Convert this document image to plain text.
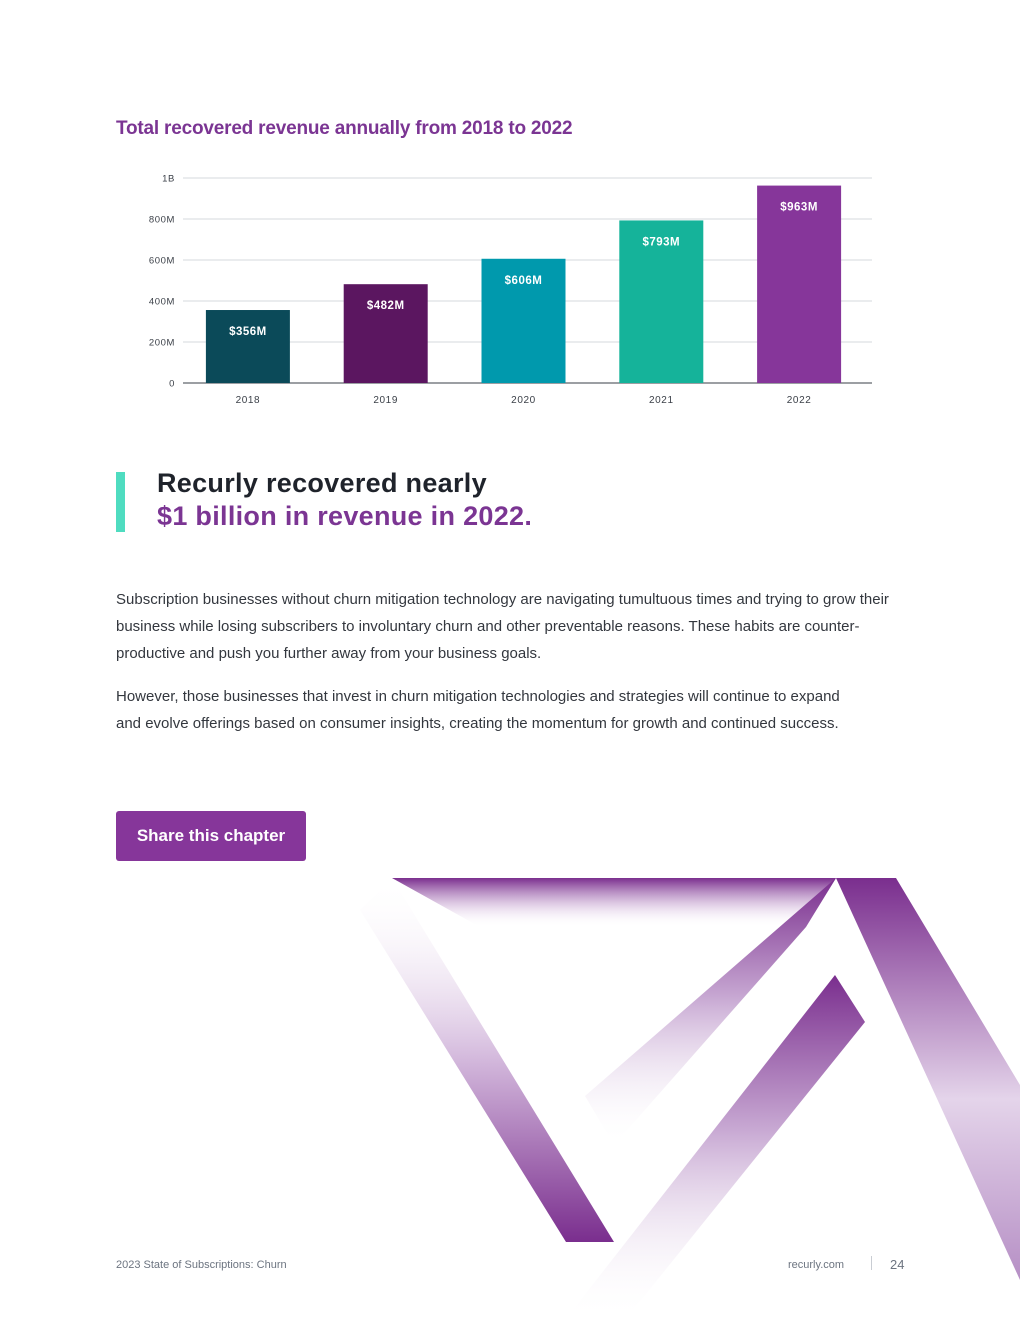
Total recovered revenue annually from 2018 to 2022
0
200M
400M
600M
800M
1B
$356M
2018
$482M
2019
$606M
2020
$793M
2021
$963M
2022
Recurly recovered nearly
$1 billion in revenue in 2022.

Subscription businesses without churn mitigation technology are navigating tumultuous times and trying to grow their business while losing subscribers to involuntary churn and other preventable reasons. These habits are counter-productive and push you further away from your business goals.

However, those businesses that invest in churn mitigation technologies and strategies will continue to expand and evolve offerings based on consumer insights, creating the momentum for growth and continued success.

Share this chapter
2023 State of Subscriptions: Churn	recurly.com	24
